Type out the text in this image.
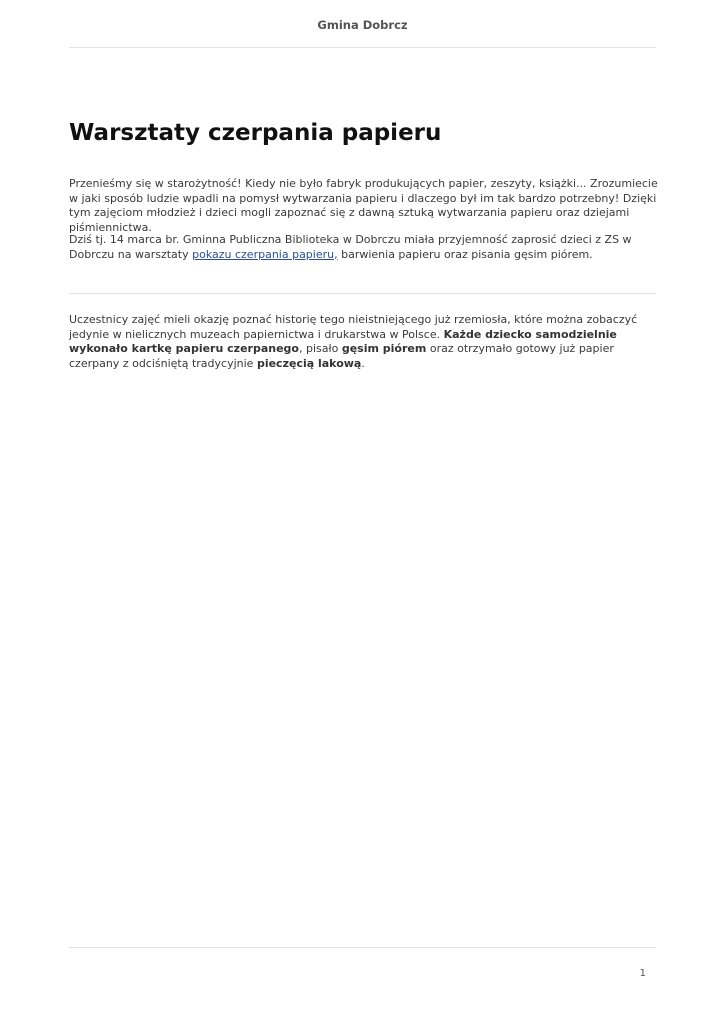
Gmina Dobrcz
Warsztaty czerpania papieru

Przenieśmy się w starożytność! Kiedy nie było fabryk produkujących papier, zeszyty, książki... Zrozumiecie w jaki sposób ludzie wpadli na pomysł wytwarzania papieru i dlaczego był im tak bardzo potrzebny! Dzięki tym zajęciom młodzież i dzieci mogli zapoznać się z dawną sztuką wytwarzania papieru oraz dziejami piśmiennictwa.

Dziś tj. 14 marca br. Gminna Publiczna Biblioteka w Dobrczu miała przyjemność zaprosić dzieci z ZS w Dobrczu na warsztaty pokazu czerpania papieru, barwienia papieru oraz pisania gęsim piórem.

Uczestnicy zajęć mieli okazję poznać historię tego nieistniejącego już rzemiosła, które można zobaczyć jedynie w nielicznych muzeach papiernictwa i drukarstwa w Polsce. Każde dziecko samodzielnie wykonało kartkę papieru czerpanego, pisało gęsim piórem oraz otrzymało gotowy już papier czerpany z odciśniętą tradycyjnie pieczęcią lakową.

1
